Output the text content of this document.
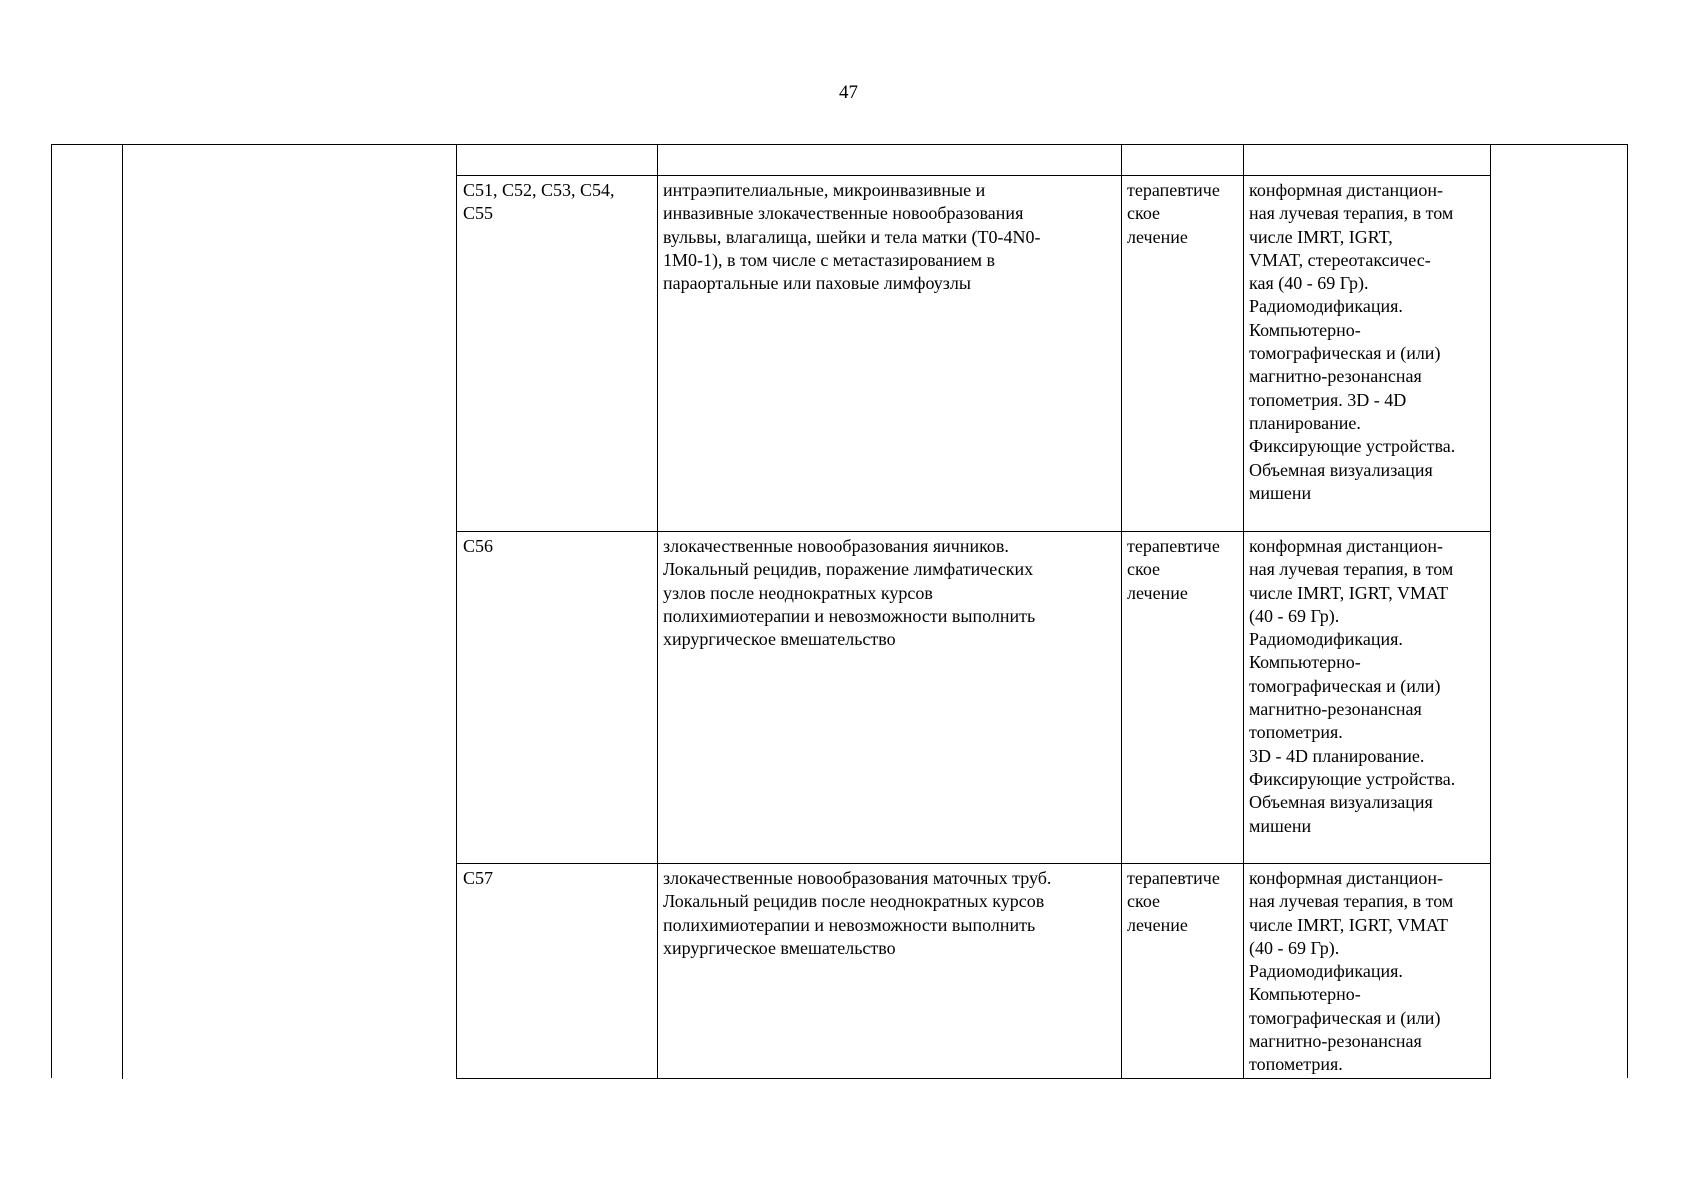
47
C51, C52, C53, C54,
C55
интраэпителиальные, микроинвазивные и
инвазивные злокачественные новообразования
вульвы, влагалища, шейки и тела матки (T0-4N0-
1M0-1), в том числе с метастазированием в
параортальные или паховые лимфоузлы
терапевтиче
ское
лечение
конформная дистанцион-
ная лучевая терапия, в том
числе IMRT, IGRT,
VMAT, стереотаксичес-
кая (40 - 69 Гр).
Радиомодификация.
Компьютерно-
томографическая и (или)
магнитно-резонансная
топометрия. 3D - 4D
планирование.
Фиксирующие устройства.
Объемная визуализация
мишени
C56	злокачественные новообразования яичников.
Локальный рецидив, поражение лимфатических
узлов после неоднократных курсов
полихимиотерапии и невозможности выполнить
хирургическое вмешательство
терапевтиче
ское
лечение
конформная дистанцион-
ная лучевая терапия, в том
числе IMRT, IGRT, VMAT
(40 - 69 Гр).
Радиомодификация.
Компьютерно-
томографическая и (или)
магнитно-резонансная
топометрия.
3D - 4D планирование.
Фиксирующие устройства.
Объемная визуализация
мишени
C57	злокачественные новообразования маточных труб.
Локальный рецидив после неоднократных курсов
полихимиотерапии и невозможности выполнить
хирургическое вмешательство
терапевтиче
ское
лечение
конформная дистанцион-
ная лучевая терапия, в том
числе IMRT, IGRT, VMAT
(40 - 69 Гр).
Радиомодификация.
Компьютерно-
томографическая и (или)
магнитно-резонансная
топометрия.
